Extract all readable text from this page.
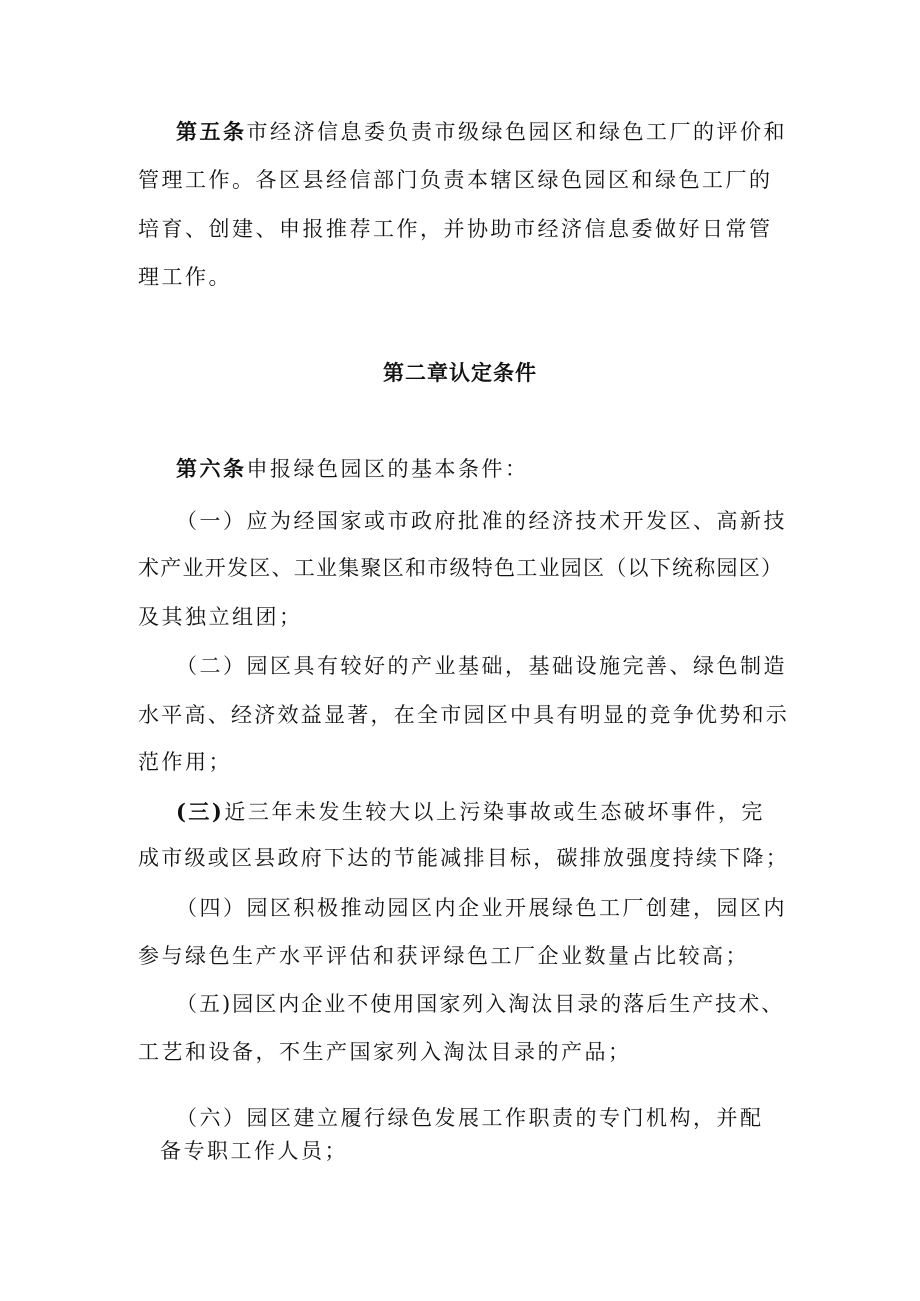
第五条市经济信息委负责市级绿色园区和绿色工厂的评价和
管理工作。各区县经信部门负责本辖区绿色园区和绿色工厂的
培育、创建、申报推荐工作，并协助市经济信息委做好日常管
理工作。
第二章认定条件
第六条申报绿色园区的基本条件：
（一）应为经国家或市政府批准的经济技术开发区、高新技
术产业开发区、工业集聚区和市级特色工业园区（以下统称园区）
及其独立组团；
（二）园区具有较好的产业基础，基础设施完善、绿色制造
水平高、经济效益显著，在全市园区中具有明显的竞争优势和示
范作用；
(三)近三年未发生较大以上污染事故或生态破坏事件，完
成市级或区县政府下达的节能减排目标，碳排放强度持续下降；
（四）园区积极推动园区内企业开展绿色工厂创建，园区内
参与绿色生产水平评估和获评绿色工厂企业数量占比较高；
（五)园区内企业不使用国家列入淘汰目录的落后生产技术、
工艺和设备，不生产国家列入淘汰目录的产品；
（六）园区建立履行绿色发展工作职责的专门机构，并配
备专职工作人员；
